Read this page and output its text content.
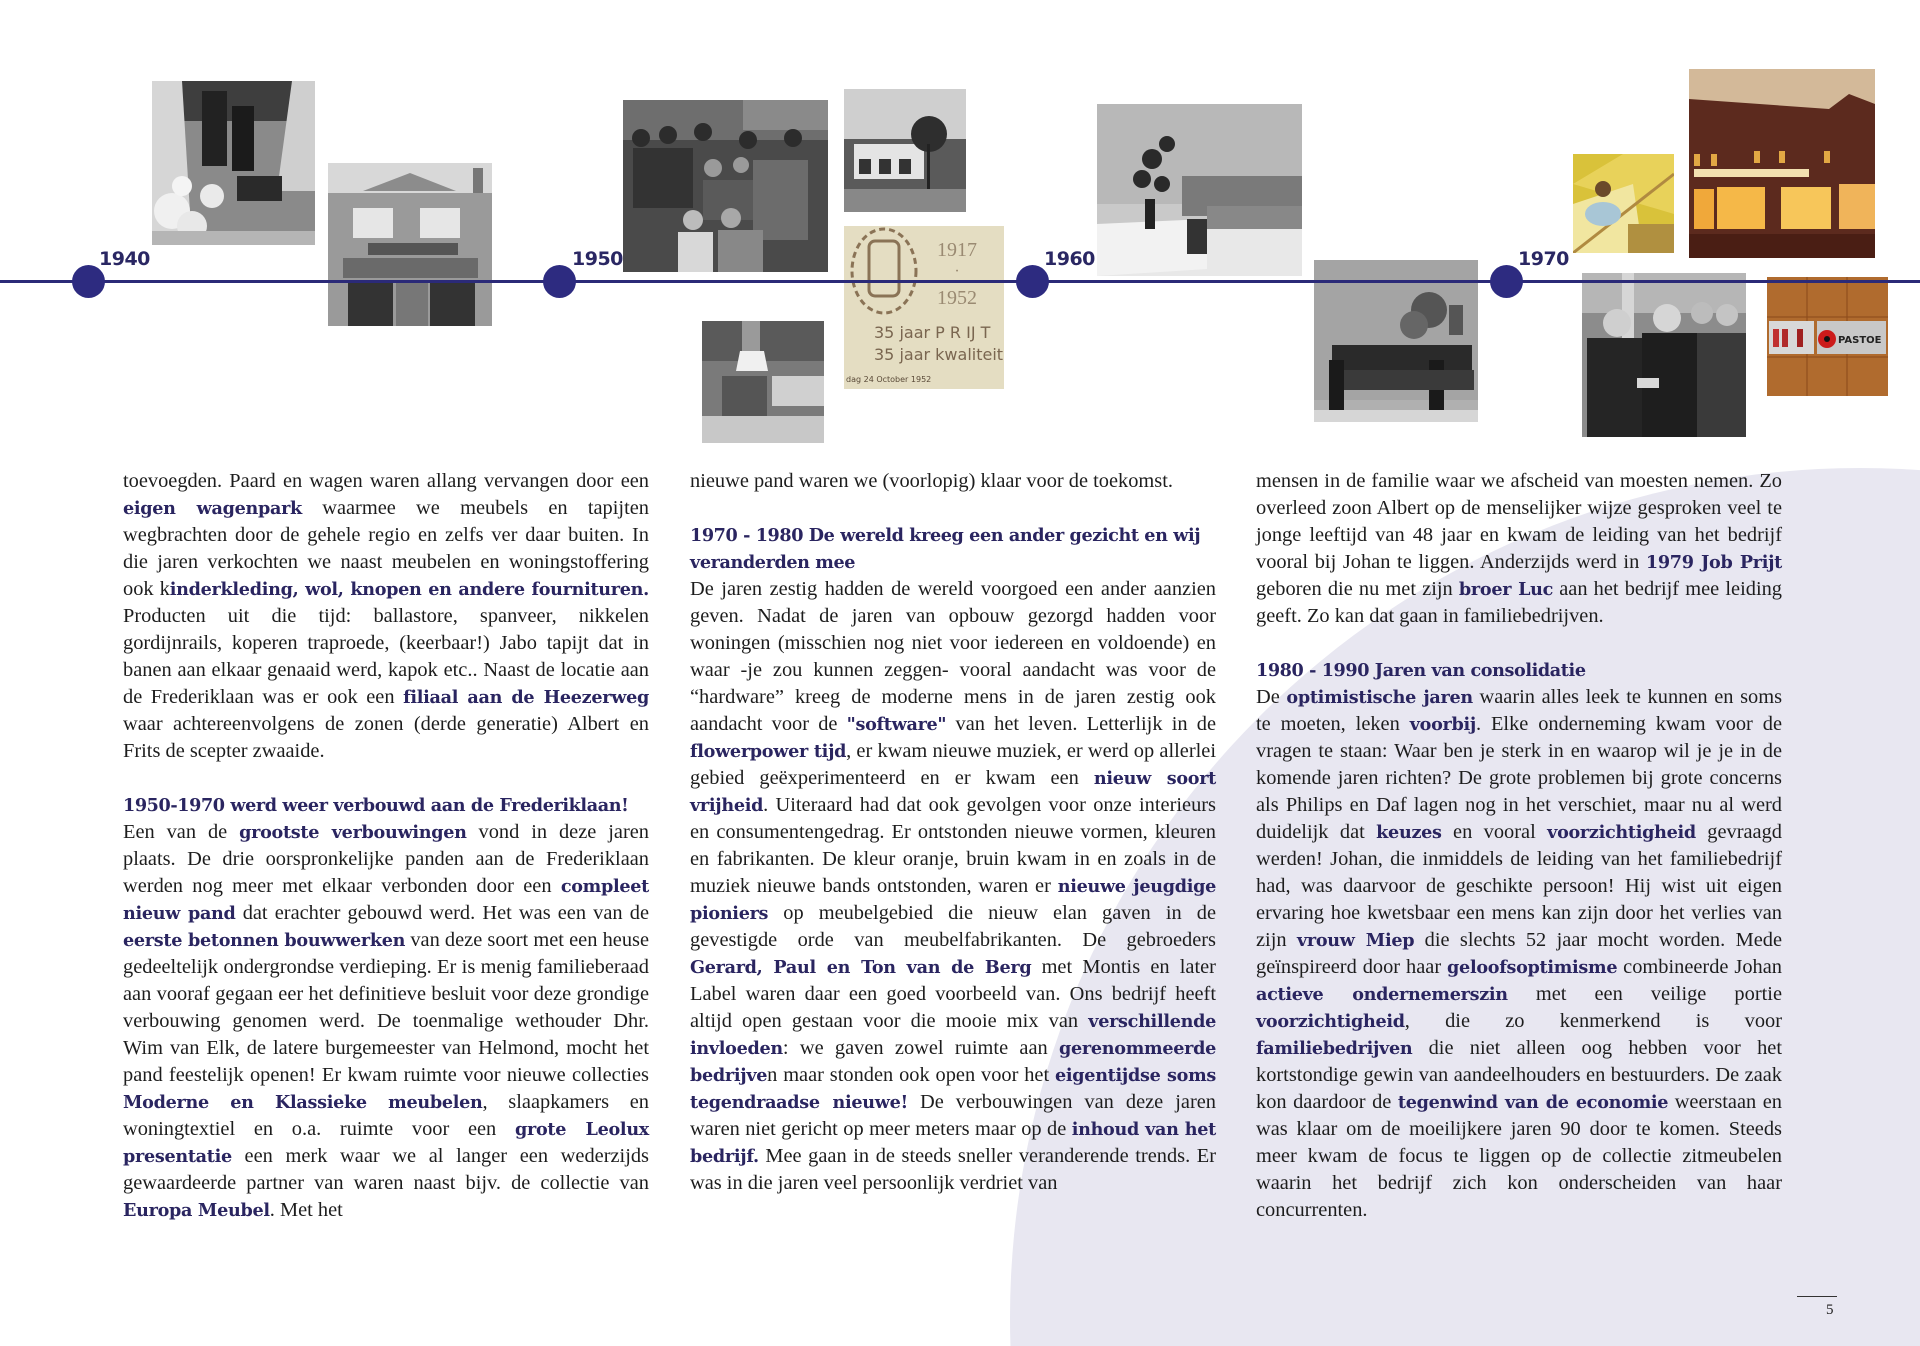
1940	1950	1960	1970
1917
·
1952
35 jaar P R IJ T
35 jaar kwaliteit
dag 24 October 1952
PASTOE

toevoegden. Paard en wagen waren allang vervangen door een eigen wagenpark waarmee we meubels en tapijten wegbrachten door de gehele regio en zelfs ver daar buiten. In die jaren verkochten we naast meubelen en woningstoffering ook kinderkleding, wol, knopen en andere fournituren. Producten uit die tijd: ballastore, spanveer, nikkelen gordijnrails, koperen traproede, (keerbaar!) Jabo tapijt dat in banen aan elkaar genaaid werd, kapok etc.. Naast de locatie aan de Frederiklaan was er ook een filiaal aan de Heezerweg waar achtereenvolgens de zonen (derde generatie) Albert en Frits de scepter zwaaide.

1950-1970 werd weer verbouwd aan de Frederiklaan!

Een van de grootste verbouwingen vond in deze jaren plaats. De drie oorspronkelijke panden aan de Frederiklaan werden nog meer met elkaar verbonden door een compleet nieuw pand dat erachter gebouwd werd. Het was een van de eerste betonnen bouwwerken van deze soort met een heuse gedeeltelijk ondergrondse verdieping. Er is menig familieberaad aan vooraf gegaan eer het definitieve besluit voor deze grondige verbouwing genomen werd. De toenmalige wethouder Dhr. Wim van Elk, de latere burgemeester van Helmond, mocht het pand feestelijk openen! Er kwam ruimte voor nieuwe collecties Moderne en Klassieke meubelen, slaapkamers en woningtextiel en o.a. ruimte voor een grote Leolux presentatie een merk waar we al langer een wederzijds gewaardeerde partner van waren naast bijv. de collectie van Europa Meubel. Met het

nieuwe pand waren we (voorlopig) klaar voor de toekomst.

1970 - 1980 De wereld kreeg een ander gezicht en wij veranderden mee

De jaren zestig hadden de wereld voorgoed een ander aanzien geven. Nadat de jaren van opbouw gezorgd hadden voor woningen (misschien nog niet voor iedereen en voldoende) en waar -je zou kunnen zeggen- vooral aandacht was voor de “hardware” kreeg de moderne mens in de jaren zestig ook aandacht voor de "software" van het leven. Letterlijk in de flowerpower tijd, er kwam nieuwe muziek, er werd op allerlei gebied geëxperimenteerd en er kwam een nieuw soort vrijheid. Uiteraard had dat ook gevolgen voor onze interieurs en consumentengedrag. Er ontstonden nieuwe vormen, kleuren en fabrikanten. De kleur oranje, bruin kwam in en zoals in de muziek nieuwe bands ontstonden, waren er nieuwe jeugdige pioniers op meubelgebied die nieuw elan gaven in de gevestigde orde van meubelfabrikanten. De gebroeders Gerard, Paul en Ton van de Berg met Montis en later Label waren daar een goed voorbeeld van. Ons bedrijf heeft altijd open gestaan voor die mooie mix van verschillende invloeden: we gaven zowel ruimte aan gerenommeerde bedrijven maar stonden ook open voor het eigentijdse soms tegendraadse nieuwe! De verbouwingen van deze jaren waren niet gericht op meer meters maar op de inhoud van het bedrijf. Mee gaan in de steeds sneller veranderende trends. Er was in die jaren veel persoonlijk verdriet van

mensen in de familie waar we afscheid van moesten nemen. Zo overleed zoon Albert op de menselijker wijze gesproken veel te jonge leeftijd van 48 jaar en kwam de leiding van het bedrijf vooral bij Johan te liggen. Anderzijds werd in 1979 Job Prijt geboren die nu met zijn broer Luc aan het bedrijf mee leiding geeft. Zo kan dat gaan in familiebedrijven.

1980 - 1990 Jaren van consolidatie

De optimistische jaren waarin alles leek te kunnen en soms te moeten, leken voorbij. Elke onderneming kwam voor de vragen te staan: Waar ben je sterk in en waarop wil je je in de komende jaren richten? De grote problemen bij grote concerns als Philips en Daf lagen nog in het verschiet, maar nu al werd duidelijk dat keuzes en vooral voorzichtigheid gevraagd werden! Johan, die inmiddels de leiding van het familiebedrijf had, was daarvoor de geschikte persoon! Hij wist uit eigen ervaring hoe kwetsbaar een mens kan zijn door het verlies van zijn vrouw Miep die slechts 52 jaar mocht worden. Mede geïnspireerd door haar geloofsoptimisme combineerde Johan actieve ondernemerszin met een veilige portie voorzichtigheid, die zo kenmerkend is voor familiebedrijven die niet alleen oog hebben voor het kortstondige gewin van aandeelhouders en bestuurders. De zaak kon daardoor de tegenwind van de economie weerstaan en was klaar om de moeilijkere jaren 90 door te komen. Steeds meer kwam de focus te liggen op de collectie zitmeubelen waarin het bedrijf zich kon onderscheiden van haar concurrenten.

5
